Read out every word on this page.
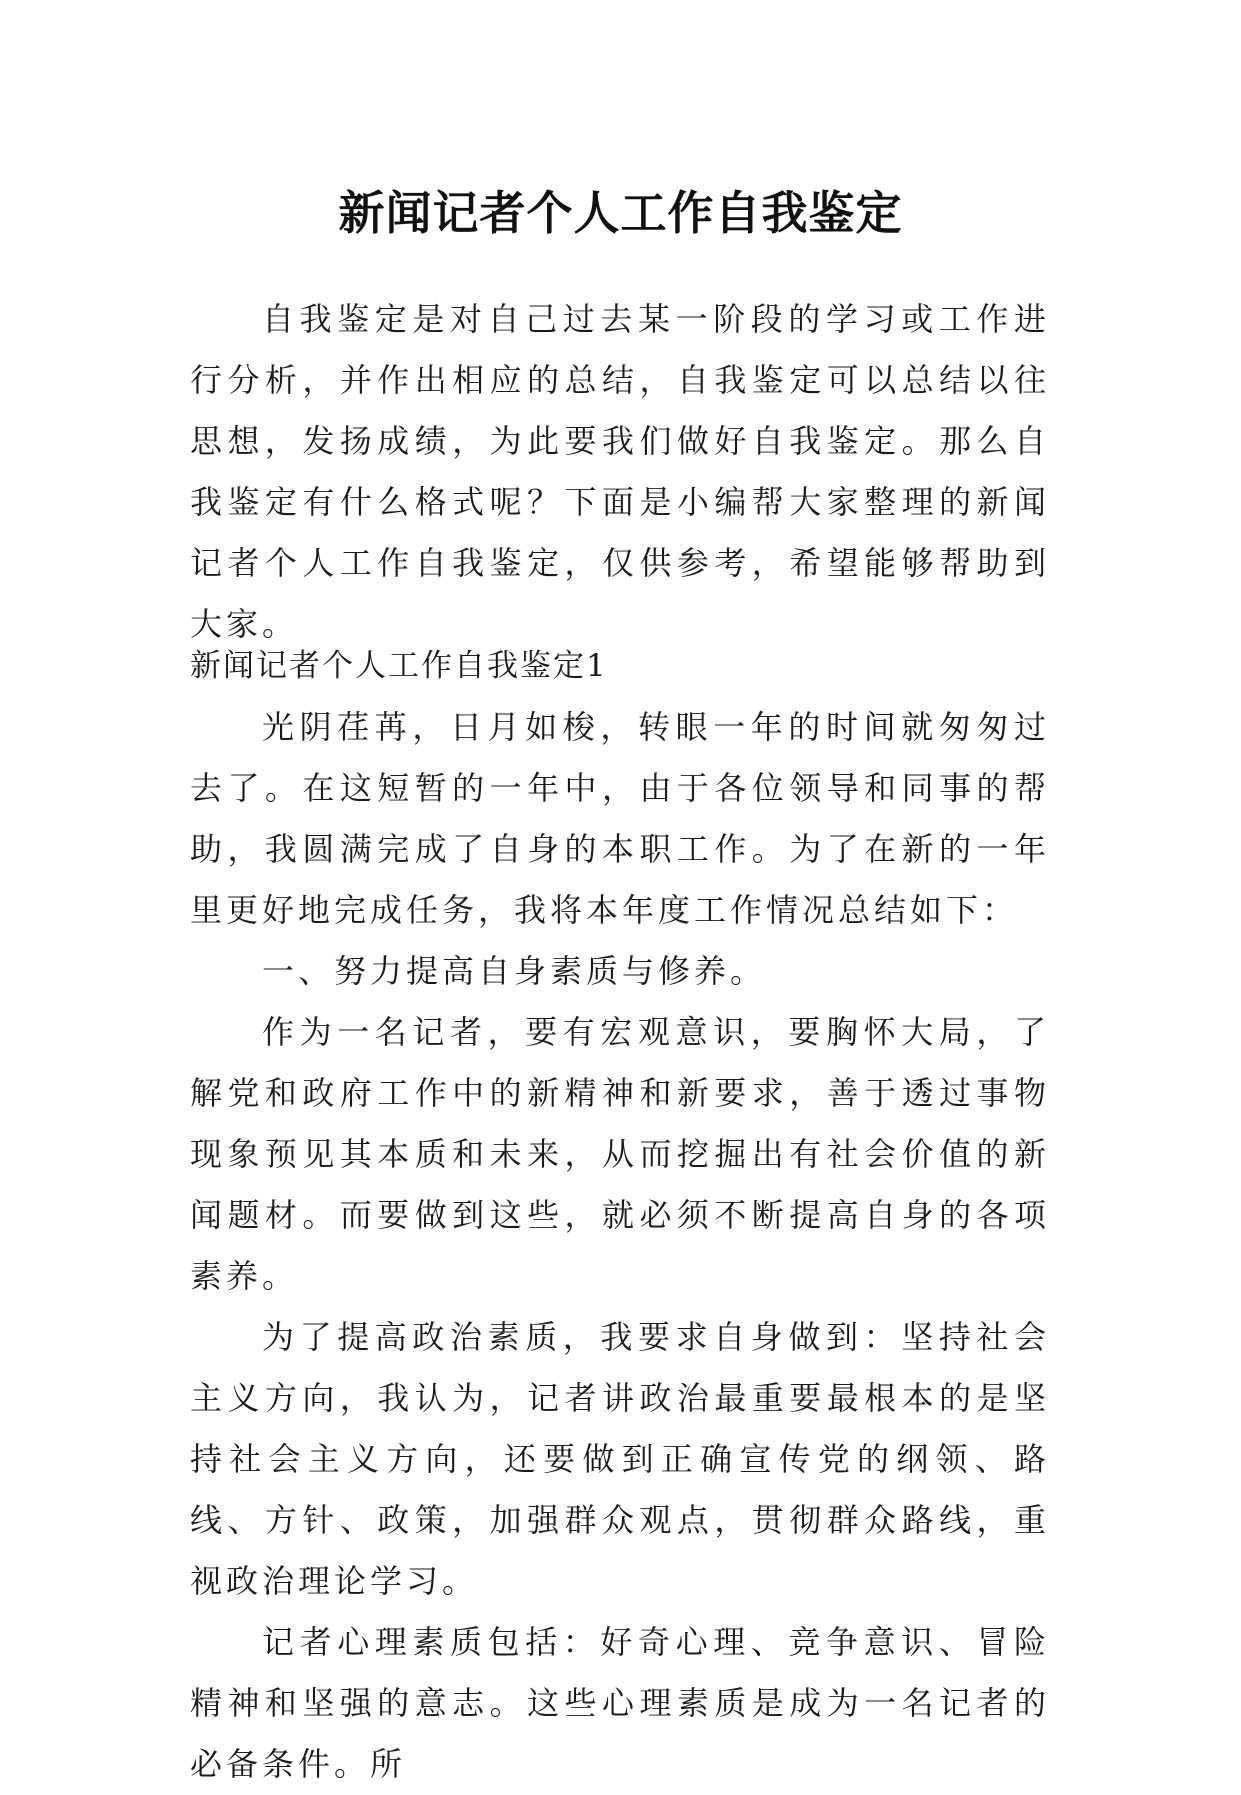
新闻记者个人工作自我鉴定

自我鉴定是对自己过去某一阶段的学习或工作进行分析，并作出相应的总结，自我鉴定可以总结以往思想，发扬成绩，为此要我们做好自我鉴定。那么自我鉴定有什么格式呢？下面是小编帮大家整理的新闻记者个人工作自我鉴定，仅供参考，希望能够帮助到大家。

新闻记者个人工作自我鉴定1

光阴荏苒，日月如梭，转眼一年的时间就匆匆过去了。在这短暂的一年中，由于各位领导和同事的帮助，我圆满完成了自身的本职工作。为了在新的一年里更好地完成任务，我将本年度工作情况总结如下：

一、努力提高自身素质与修养。

作为一名记者，要有宏观意识，要胸怀大局，了解党和政府工作中的新精神和新要求，善于透过事物现象预见其本质和未来，从而挖掘出有社会价值的新闻题材。而要做到这些，就必须不断提高自身的各项素养。

为了提高政治素质，我要求自身做到：坚持社会主义方向，我认为，记者讲政治最重要最根本的是坚持社会主义方向，还要做到正确宣传党的纲领、路线、方针、政策，加强群众观点，贯彻群众路线，重视政治理论学习。

记者心理素质包括：好奇心理、竞争意识、冒险精神和坚强的意志。这些心理素质是成为一名记者的必备条件。所
